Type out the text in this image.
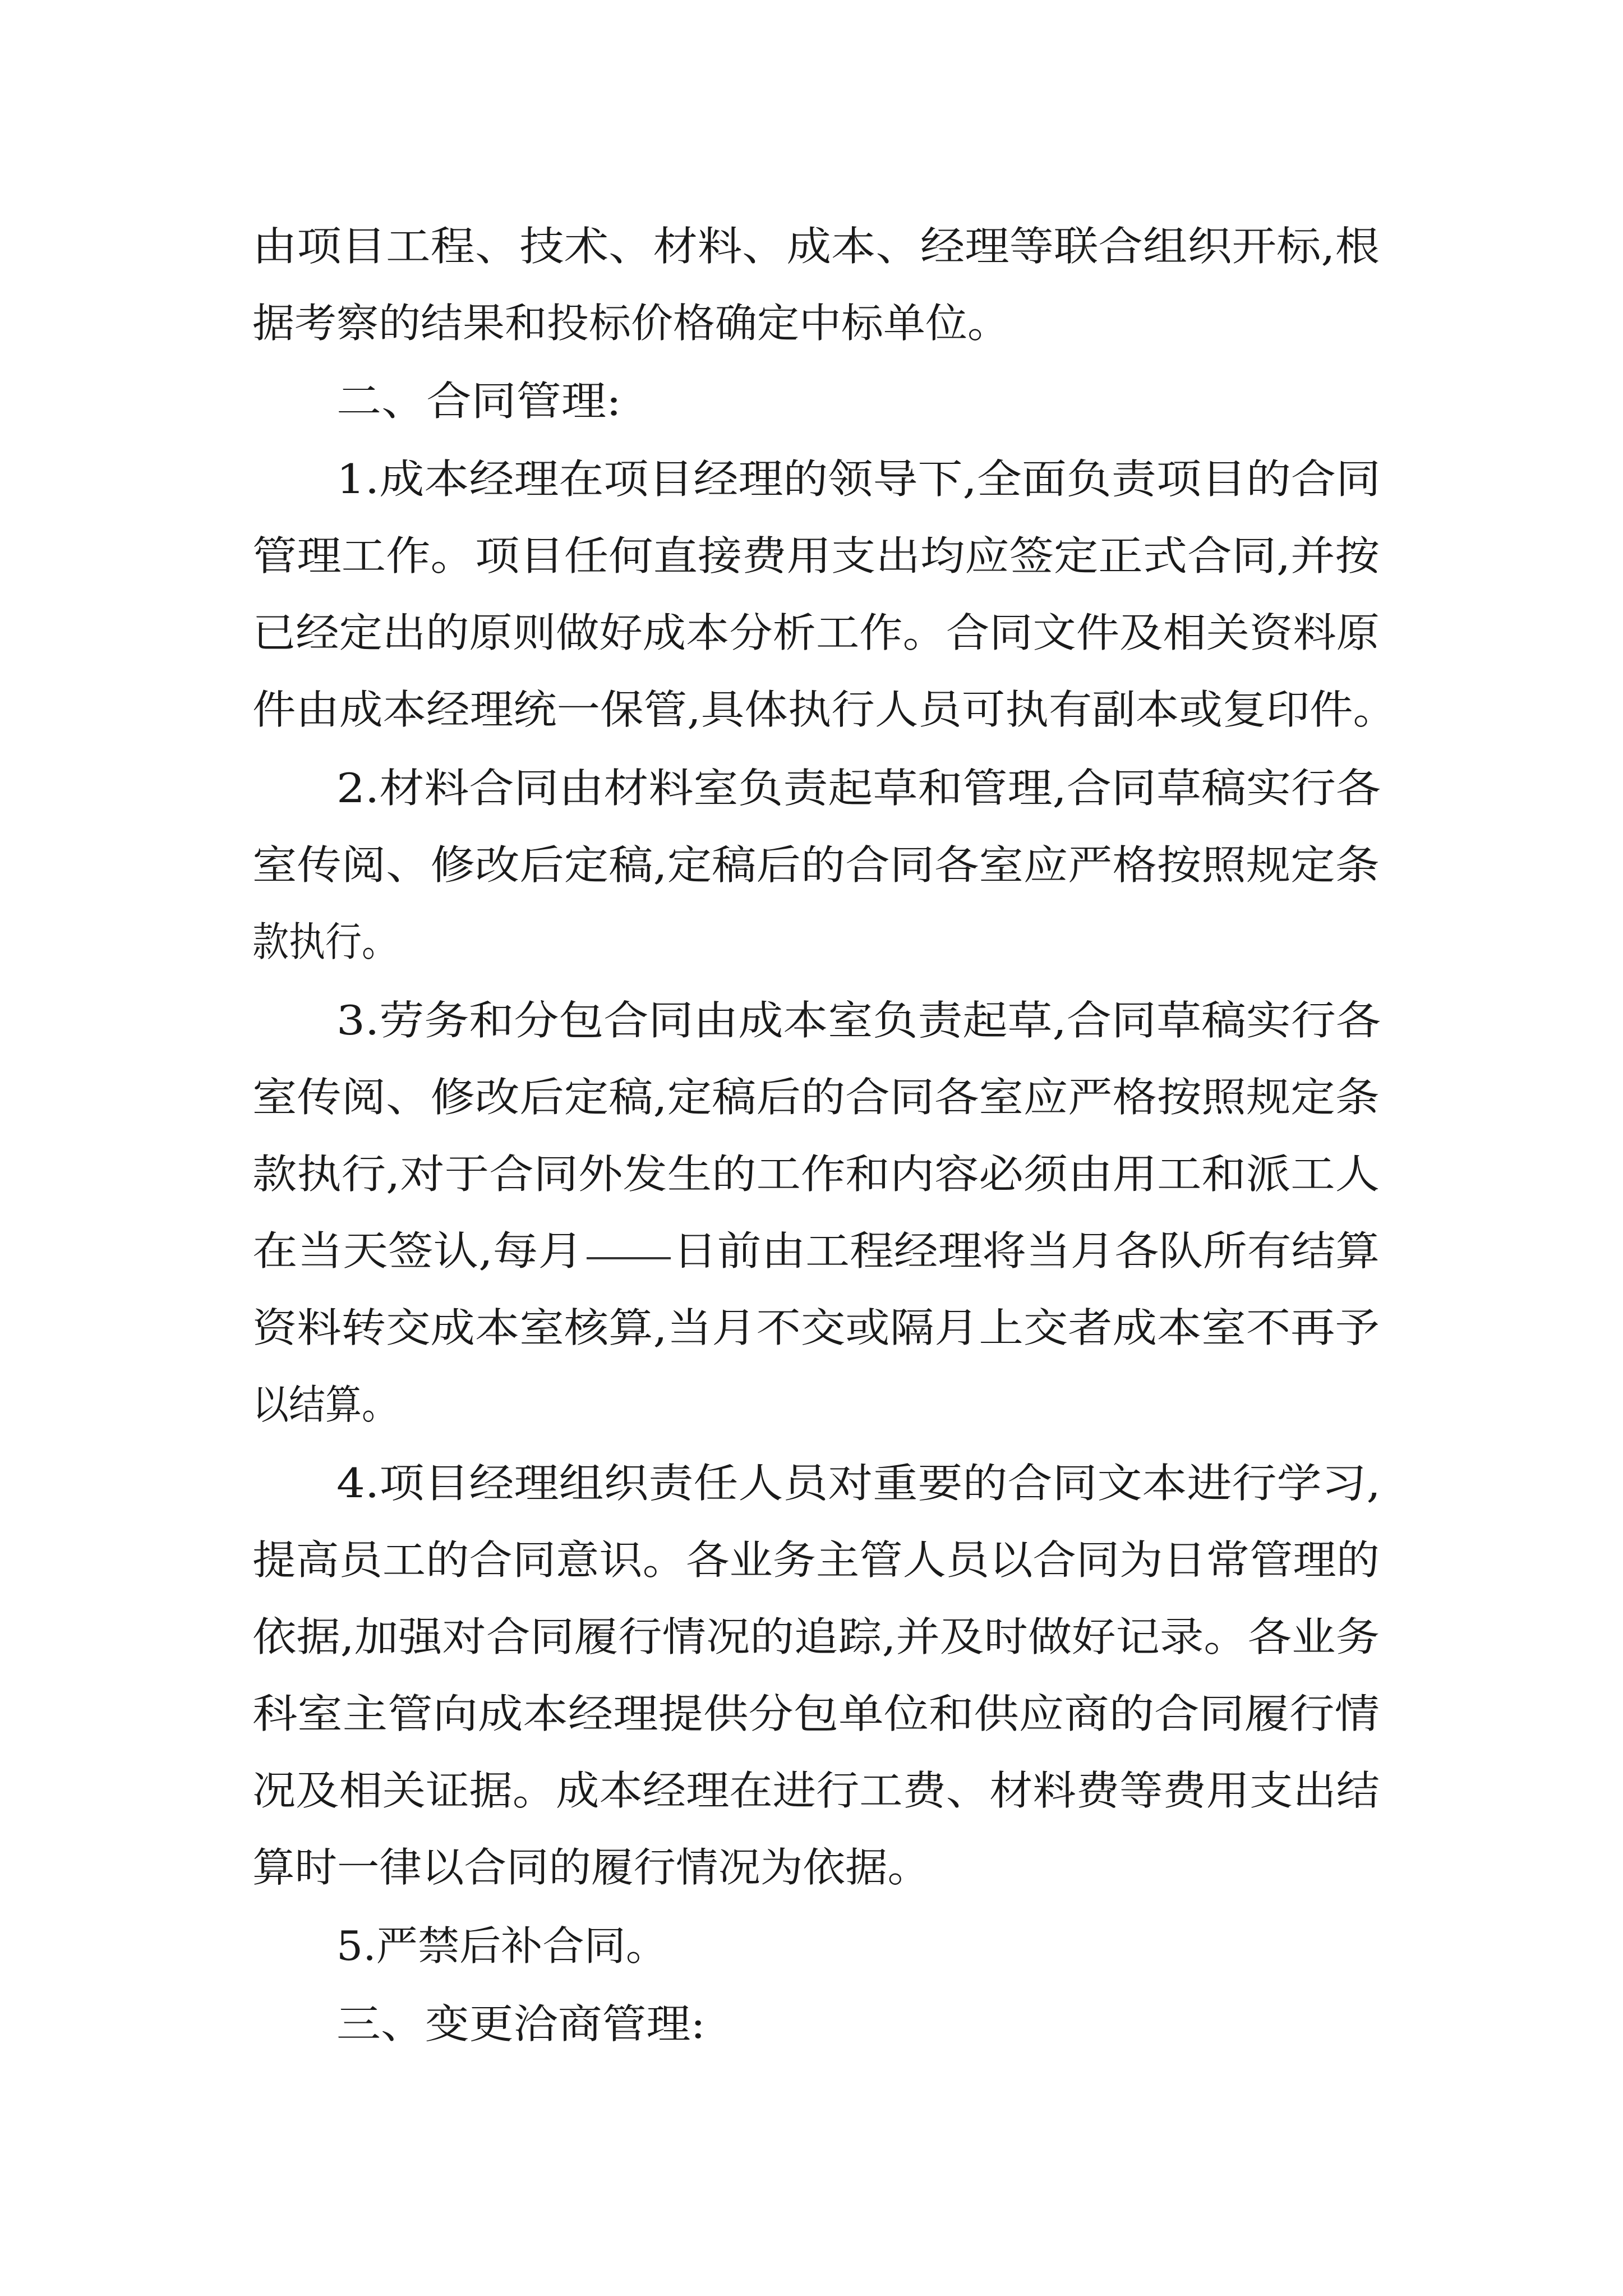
由项目工程、技术、材料、成本、经理等联合组织开标,根
据考察的结果和投标价格确定中标单位。
二、合同管理:
1.成本经理在项目经理的领导下,全面负责项目的合同
管理工作。项目任何直接费用支出均应签定正式合同,并按
已经定出的原则做好成本分析工作。合同文件及相关资料原
件由成本经理统一保管,具体执行人员可执有副本或复印件。
2.材料合同由材料室负责起草和管理,合同草稿实行各
室传阅、修改后定稿,定稿后的合同各室应严格按照规定条
款执行。
3.劳务和分包合同由成本室负责起草,合同草稿实行各
室传阅、修改后定稿,定稿后的合同各室应严格按照规定条
款执行,对于合同外发生的工作和内容必须由用工和派工人
在当天签认,每月 日前由工程经理将当月各队所有结算
资料转交成本室核算,当月不交或隔月上交者成本室不再予
以结算。
4.项目经理组织责任人员对重要的合同文本进行学习,
提高员工的合同意识。各业务主管人员以合同为日常管理的
依据,加强对合同履行情况的追踪,并及时做好记录。各业务
科室主管向成本经理提供分包单位和供应商的合同履行情
况及相关证据。成本经理在进行工费、材料费等费用支出结
算时一律以合同的履行情况为依据。
5.严禁后补合同。
三、变更洽商管理:
